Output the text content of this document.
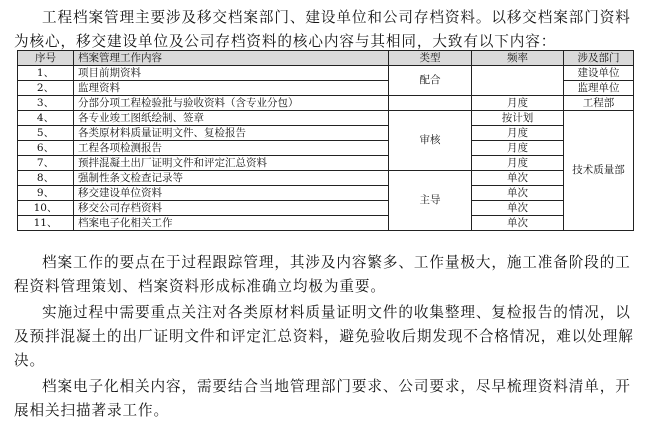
工程档案管理主要涉及移交档案部门、建设单位和公司存档资料。以移交档案部门资料为核心，移交建设单位及公司存档资料的核心内容与其相同，大致有以下内容：

序号	档案管理工作内容	类型	频率	涉及部门
1、	项目前期资料	配合		建设单位
2、	监理资料			监理单位
3、	分部分项工程检验批与验收资料（含专业分包）		月度	工程部
4、	各专业竣工图纸绘制、签章	审核	按计划	技术质量部
5、	各类原材料质量证明文件、复检报告		月度	
6、	工程各项检测报告		月度	
7、	预拌混凝土出厂证明文件和评定汇总资料		月度	
8、	强制性条文检查记录等	主导	单次	
9、	移交建设单位资料		单次	
10、	移交公司存档资料		单次	
11、	档案电子化相关工作		单次	

档案工作的要点在于过程跟踪管理，其涉及内容繁多、工作量极大，施工准备阶段的工程资料管理策划、档案资料形成标准确立均极为重要。

实施过程中需要重点关注对各类原材料质量证明文件的收集整理、复检报告的情况，以及预拌混凝土的出厂证明文件和评定汇总资料，避免验收后期发现不合格情况，难以处理解决。

档案电子化相关内容，需要结合当地管理部门要求、公司要求，尽早梳理资料清单，开展相关扫描著录工作。
